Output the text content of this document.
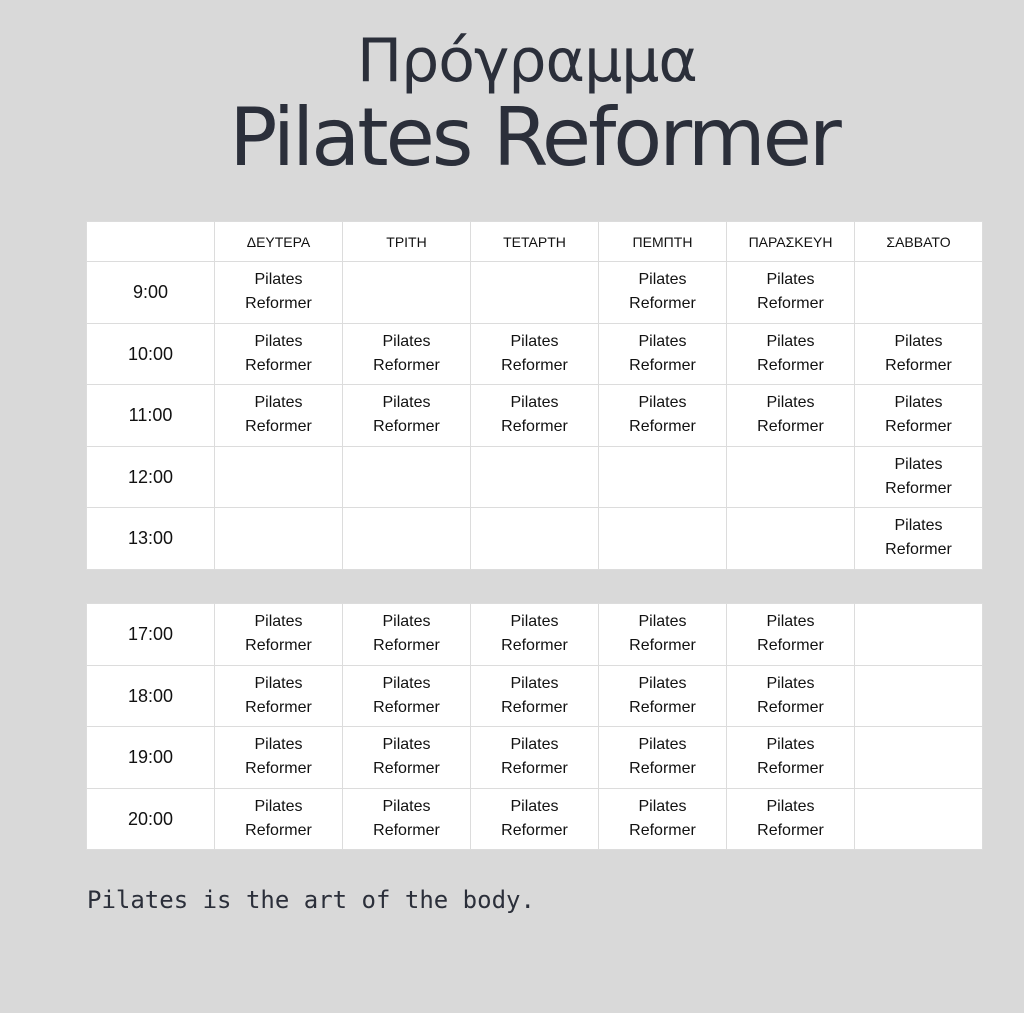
Πρόγραμμα
Pilates Reformer
	ΔΕΥΤΕΡΑ	ΤΡΙΤΗ	ΤΕΤΑΡΤΗ	ΠΕΜΠΤΗ	ΠΑΡΑΣΚΕΥΗ	ΣΑΒΒΑΤΟ
9:00	Pilates Reformer			Pilates Reformer	Pilates Reformer	
10:00	Pilates Reformer	Pilates Reformer	Pilates Reformer	Pilates Reformer	Pilates Reformer	Pilates Reformer
11:00	Pilates Reformer	Pilates Reformer	Pilates Reformer	Pilates Reformer	Pilates Reformer	Pilates Reformer
12:00						Pilates Reformer
13:00						Pilates Reformer
17:00	Pilates Reformer	Pilates Reformer	Pilates Reformer	Pilates Reformer	Pilates Reformer	
18:00	Pilates Reformer	Pilates Reformer	Pilates Reformer	Pilates Reformer	Pilates Reformer	
19:00	Pilates Reformer	Pilates Reformer	Pilates Reformer	Pilates Reformer	Pilates Reformer	
20:00	Pilates Reformer	Pilates Reformer	Pilates Reformer	Pilates Reformer	Pilates Reformer	
Pilates is the art of the body.
